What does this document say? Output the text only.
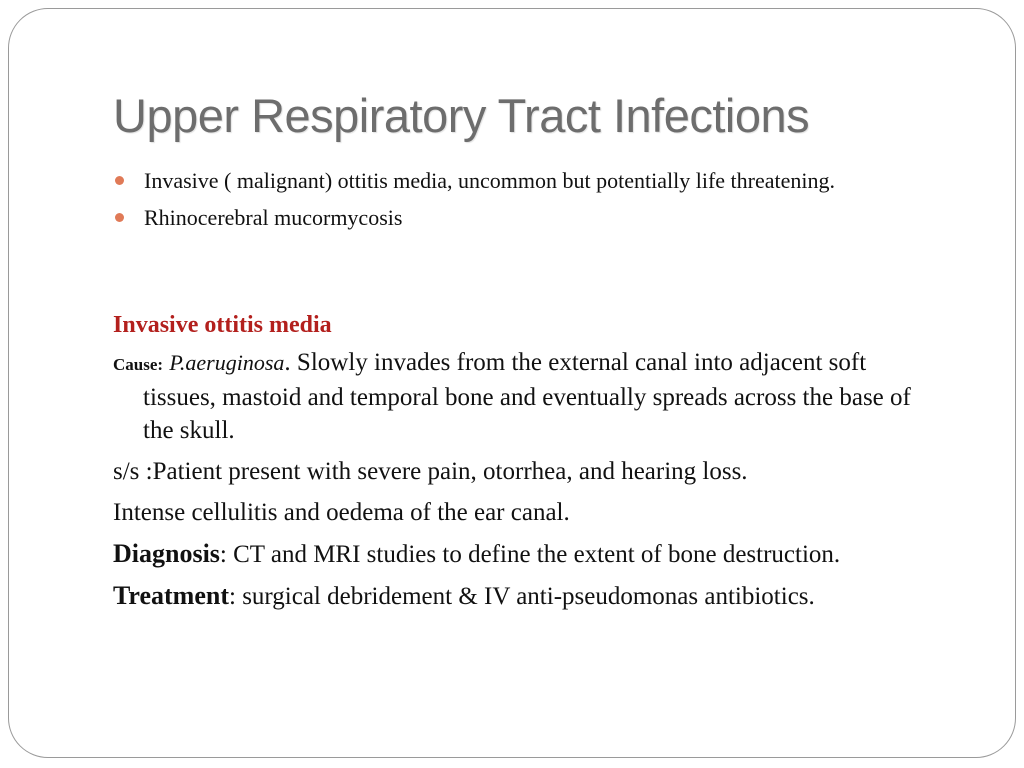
Upper Respiratory Tract Infections
Invasive ( malignant) ottitis media, uncommon but potentially life threatening.
Rhinocerebral mucormycosis
Invasive ottitis media
Cause: P.aeruginosa. Slowly invades from the external canal into adjacent soft tissues, mastoid and temporal bone and eventually spreads across the base of the skull.
s/s :Patient present with severe pain, otorrhea, and hearing loss.
Intense cellulitis and oedema of the ear canal.
Diagnosis: CT and MRI studies to define the extent of bone destruction.
Treatment: surgical debridement & IV anti-pseudomonas antibiotics.
